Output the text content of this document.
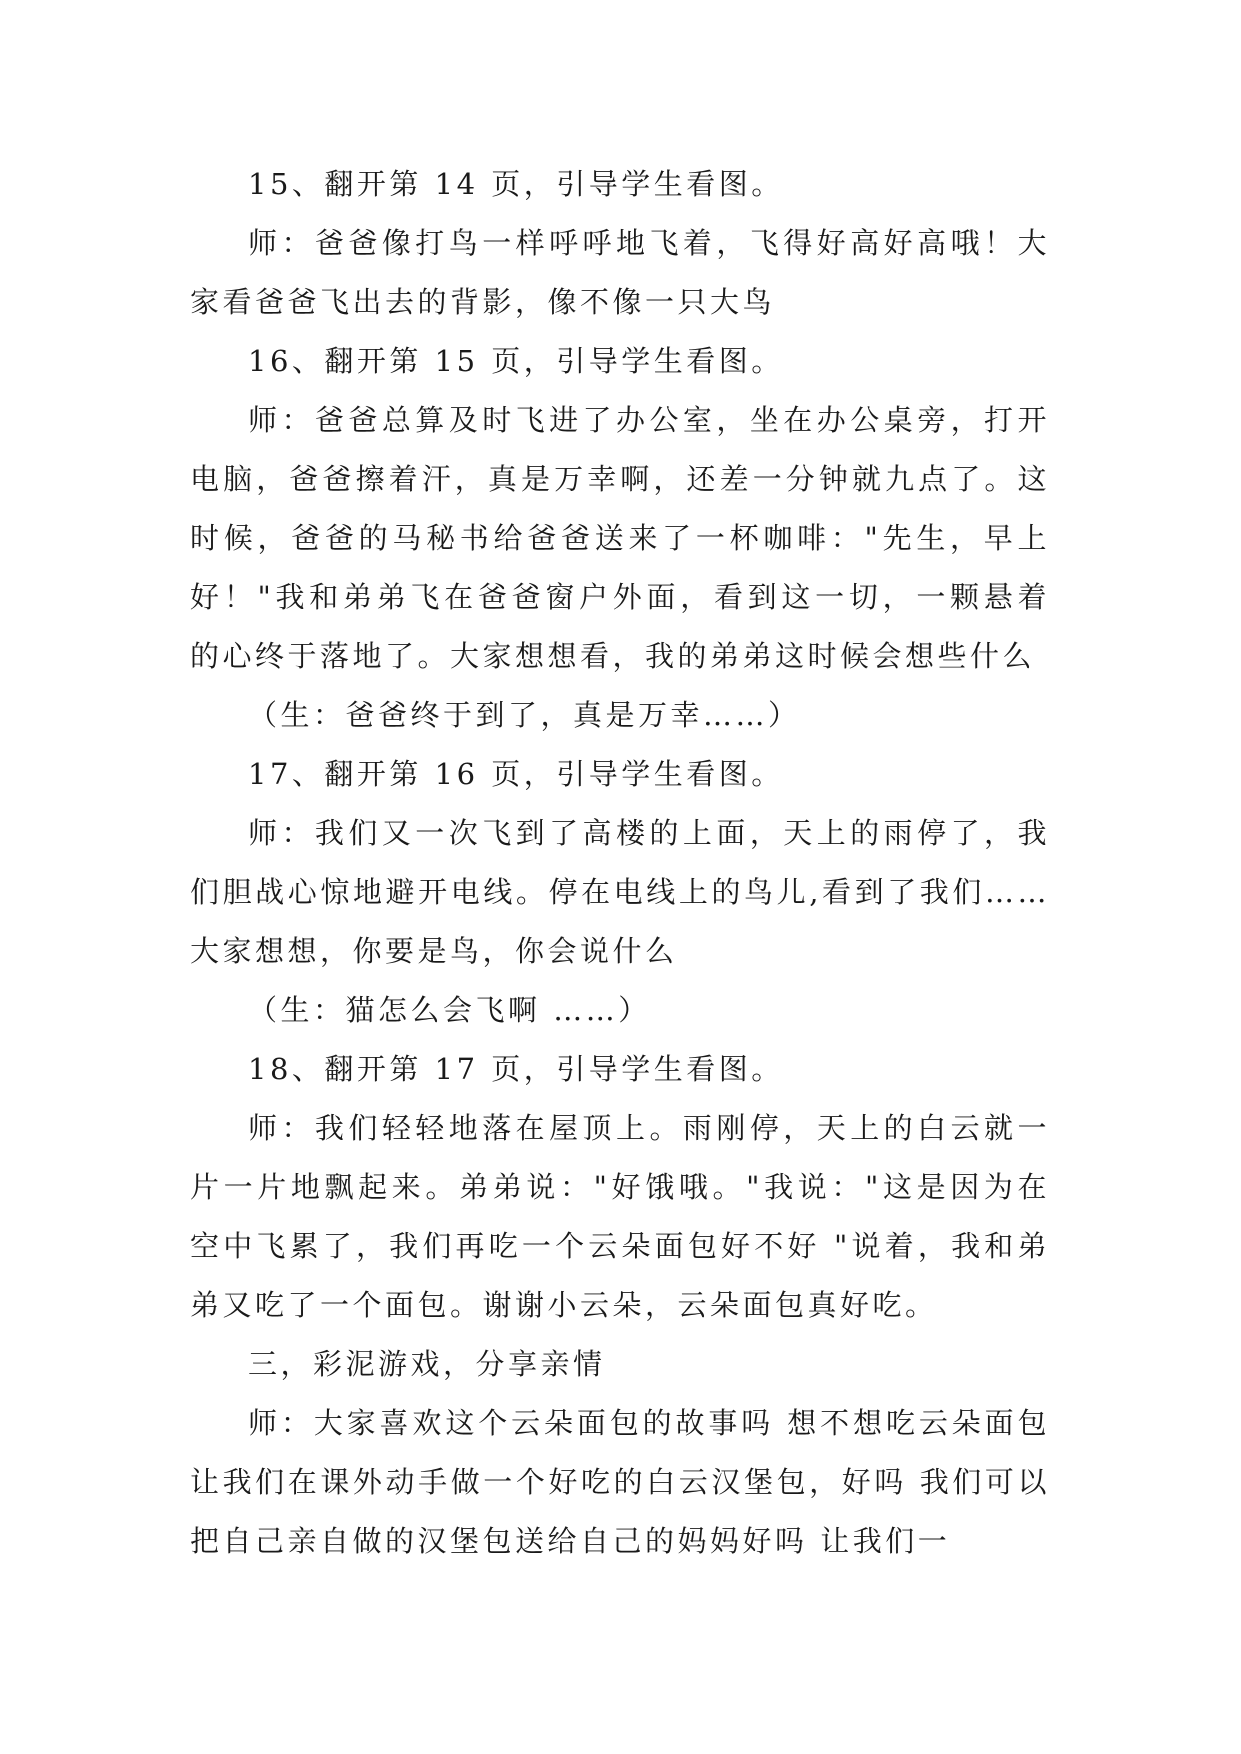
15、翻开第 14 页，引导学生看图。

师：爸爸像打鸟一样呼呼地飞着，飞得好高好高哦！大家看爸爸飞出去的背影，像不像一只大鸟

16、翻开第 15 页，引导学生看图。

师：爸爸总算及时飞进了办公室，坐在办公桌旁，打开电脑，爸爸擦着汗，真是万幸啊，还差一分钟就九点了。这时候，爸爸的马秘书给爸爸送来了一杯咖啡："先生，早上好！"我和弟弟飞在爸爸窗户外面，看到这一切，一颗悬着的心终于落地了。大家想想看，我的弟弟这时候会想些什么

（生：爸爸终于到了，真是万幸……）

17、翻开第 16 页，引导学生看图。

师：我们又一次飞到了高楼的上面，天上的雨停了，我们胆战心惊地避开电线。停在电线上的鸟儿,看到了我们……大家想想，你要是鸟，你会说什么

（生：猫怎么会飞啊 ……）

18、翻开第 17 页，引导学生看图。

师：我们轻轻地落在屋顶上。雨刚停，天上的白云就一片一片地飘起来。弟弟说："好饿哦。"我说："这是因为在空中飞累了，我们再吃一个云朵面包好不好 "说着，我和弟弟又吃了一个面包。谢谢小云朵，云朵面包真好吃。

三，彩泥游戏，分享亲情

师：大家喜欢这个云朵面包的故事吗 想不想吃云朵面包 让我们在课外动手做一个好吃的白云汉堡包，好吗 我们可以把自己亲自做的汉堡包送给自己的妈妈好吗 让我们一
